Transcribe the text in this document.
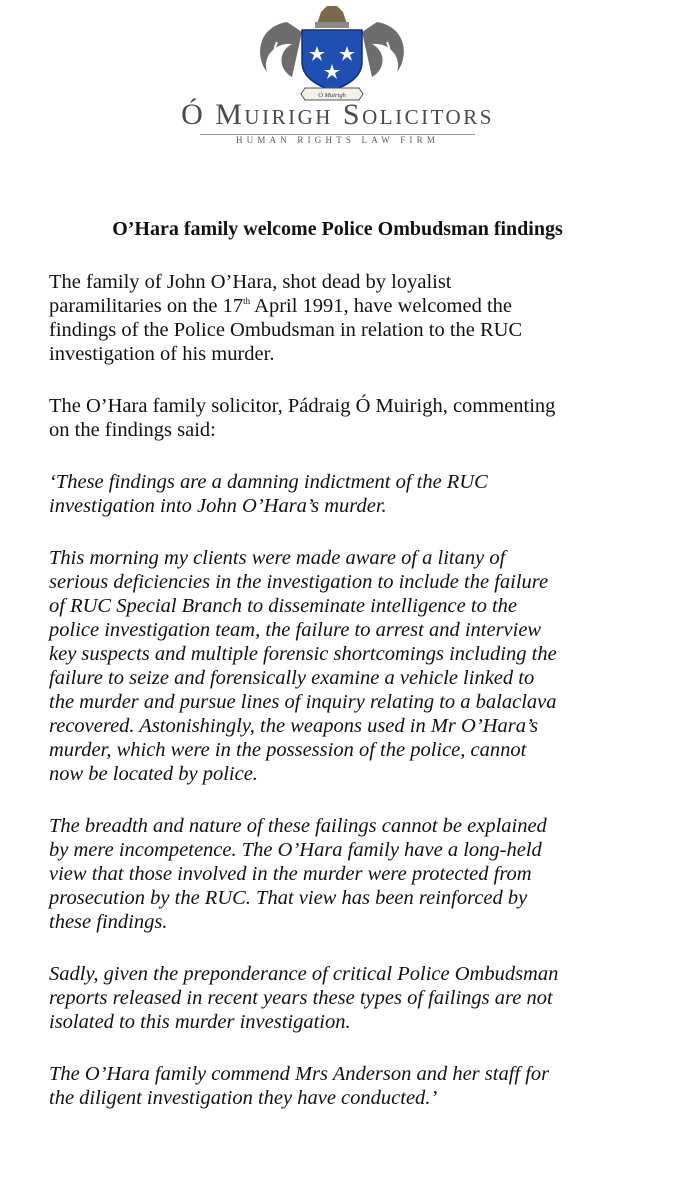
Ó Muirigh
Ó Muirigh Solicitors
HUMAN RIGHTS LAW FIRM
O’Hara family welcome Police Ombudsman findings

The family of John O’Hara, shot dead by loyalist
paramilitaries on the 17th April 1991, have welcomed the
findings of the Police Ombudsman in relation to the RUC
investigation of his murder.

The O’Hara family solicitor, Pádraig Ó Muirigh, commenting
on the findings said:

‘These findings are a damning indictment of the RUC
investigation into John O’Hara’s murder.

This morning my clients were made aware of a litany of
serious deficiencies in the investigation to include the failure
of RUC Special Branch to disseminate intelligence to the
police investigation team, the failure to arrest and interview
key suspects and multiple forensic shortcomings including the
failure to seize and forensically examine a vehicle linked to
the murder and pursue lines of inquiry relating to a balaclava
recovered. Astonishingly, the weapons used in Mr O’Hara’s
murder, which were in the possession of the police, cannot
now be located by police.

The breadth and nature of these failings cannot be explained
by mere incompetence. The O’Hara family have a long-held
view that those involved in the murder were protected from
prosecution by the RUC. That view has been reinforced by
these findings.

Sadly, given the preponderance of critical Police Ombudsman
reports released in recent years these types of failings are not
isolated to this murder investigation.

The O’Hara family commend Mrs Anderson and her staff for
the diligent investigation they have conducted.’
